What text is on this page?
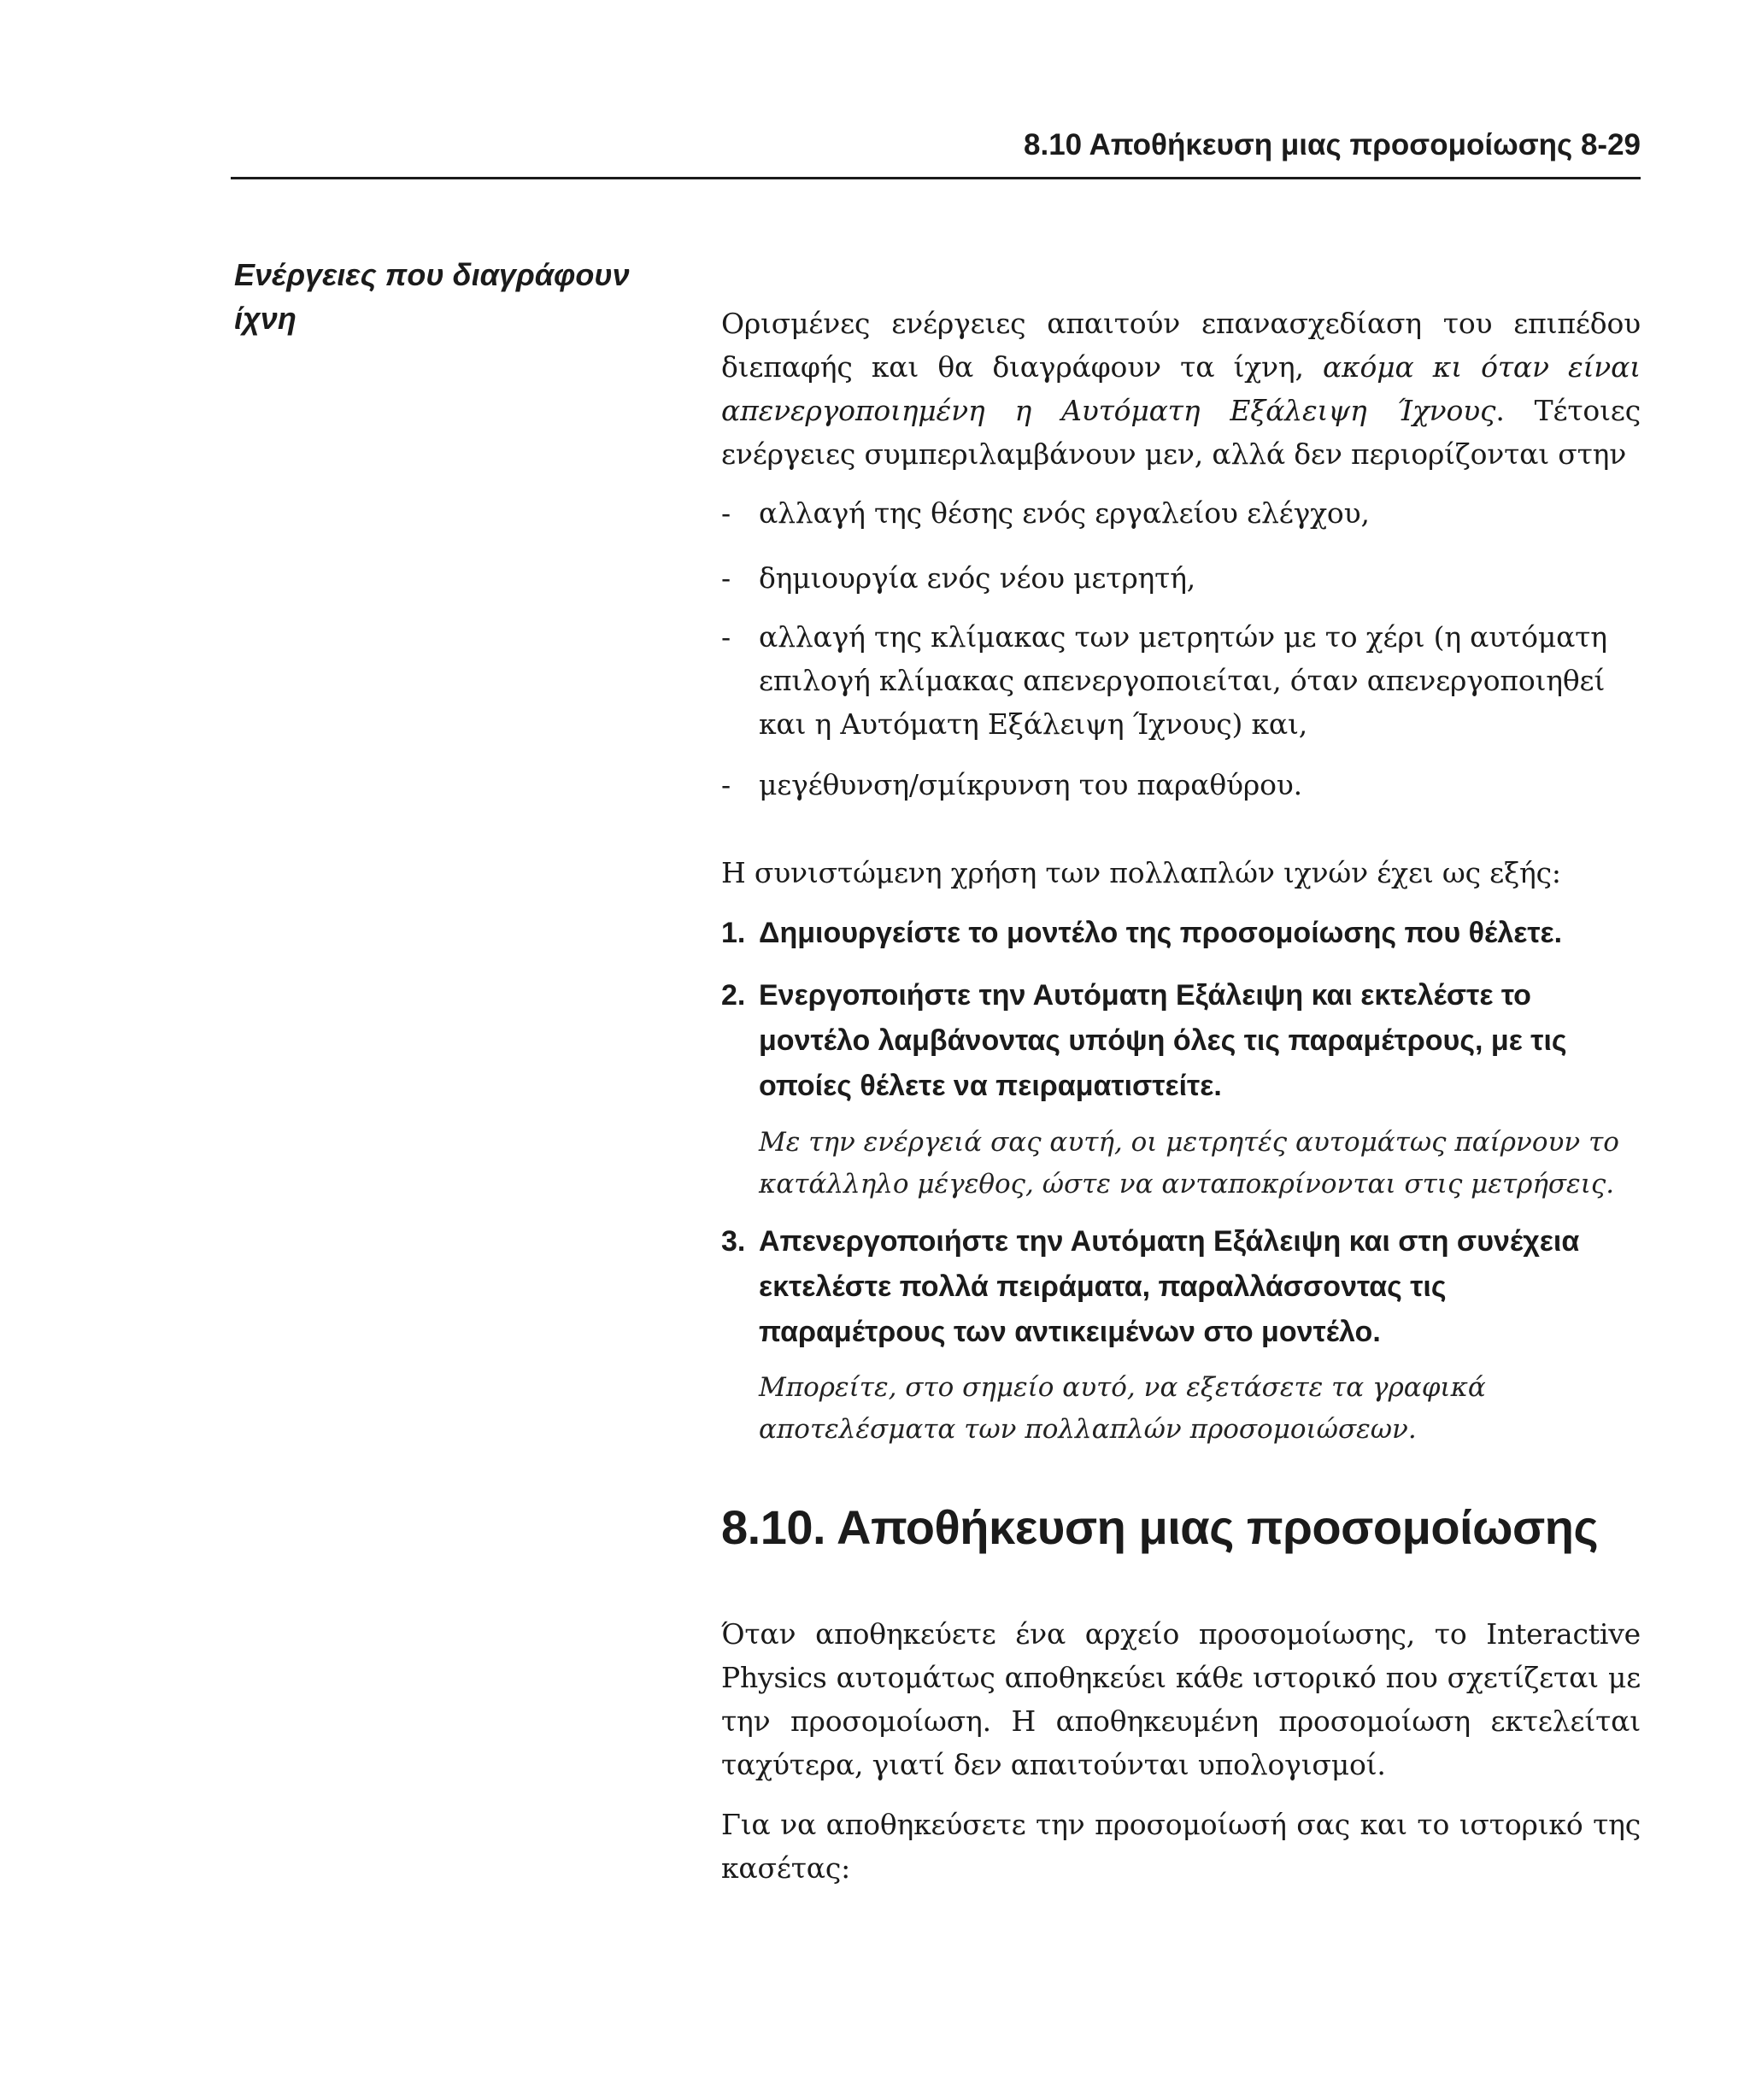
8.10 Αποθήκευση μιας προσομοίωσης 8-29
Ενέργειες που διαγράφουν ίχνη	Ορισμένες ενέργειες απαιτούν επανασχεδίαση του επιπέδου διεπαφής και θα διαγράφουν τα ίχνη, ακόμα κι όταν είναι απενεργοποιημένη η Αυτόματη Εξάλειψη Ίχνους. Τέτοιες ενέργειες συμπεριλαμβάνουν μεν, αλλά δεν περιορίζονται στην
- αλλαγή της θέσης ενός εργαλείου ελέγχου,
- δημιουργία ενός νέου μετρητή,
- αλλαγή της κλίμακας των μετρητών με το χέρι (η αυτόματη επιλογή κλίμακας απενεργοποιείται, όταν απενεργοποιηθεί και η Αυτόματη Εξάλειψη Ίχνους) και,
- μεγέθυνση/σμίκρυνση του παραθύρου.
Η συνιστώμενη χρήση των πολλαπλών ιχνών έχει ως εξής:
1. Δημιουργείστε το μοντέλο της προσομοίωσης που θέλετε.
2. Ενεργοποιήστε την Αυτόματη Εξάλειψη και εκτελέστε το μοντέλο λαμβάνοντας υπόψη όλες τις παραμέτρους, με τις οποίες θέλετε να πειραματιστείτε.
Με την ενέργειά σας αυτή, οι μετρητές αυτομάτως παίρνουν το κατάλληλο μέγεθος, ώστε να ανταποκρίνονται στις μετρήσεις.
3. Απενεργοποιήστε την Αυτόματη Εξάλειψη και στη συνέχεια εκτελέστε πολλά πειράματα, παραλλάσσοντας τις παραμέτρους των αντικειμένων στο μοντέλο.
Μπορείτε, στο σημείο αυτό, να εξετάσετε τα γραφικά αποτελέσματα των πολλαπλών προσομοιώσεων.
8.10. Αποθήκευση μιας προσομοίωσης
Όταν αποθηκεύετε ένα αρχείο προσομοίωσης, το Interactive Physics αυτομάτως αποθηκεύει κάθε ιστορικό που σχετίζεται με την προσομοίωση. Η αποθηκευμένη προσομοίωση εκτελείται ταχύτερα, γιατί δεν απαιτούνται υπολογισμοί.
Για να αποθηκεύσετε την προσομοίωσή σας και το ιστορικό της κασέτας:
